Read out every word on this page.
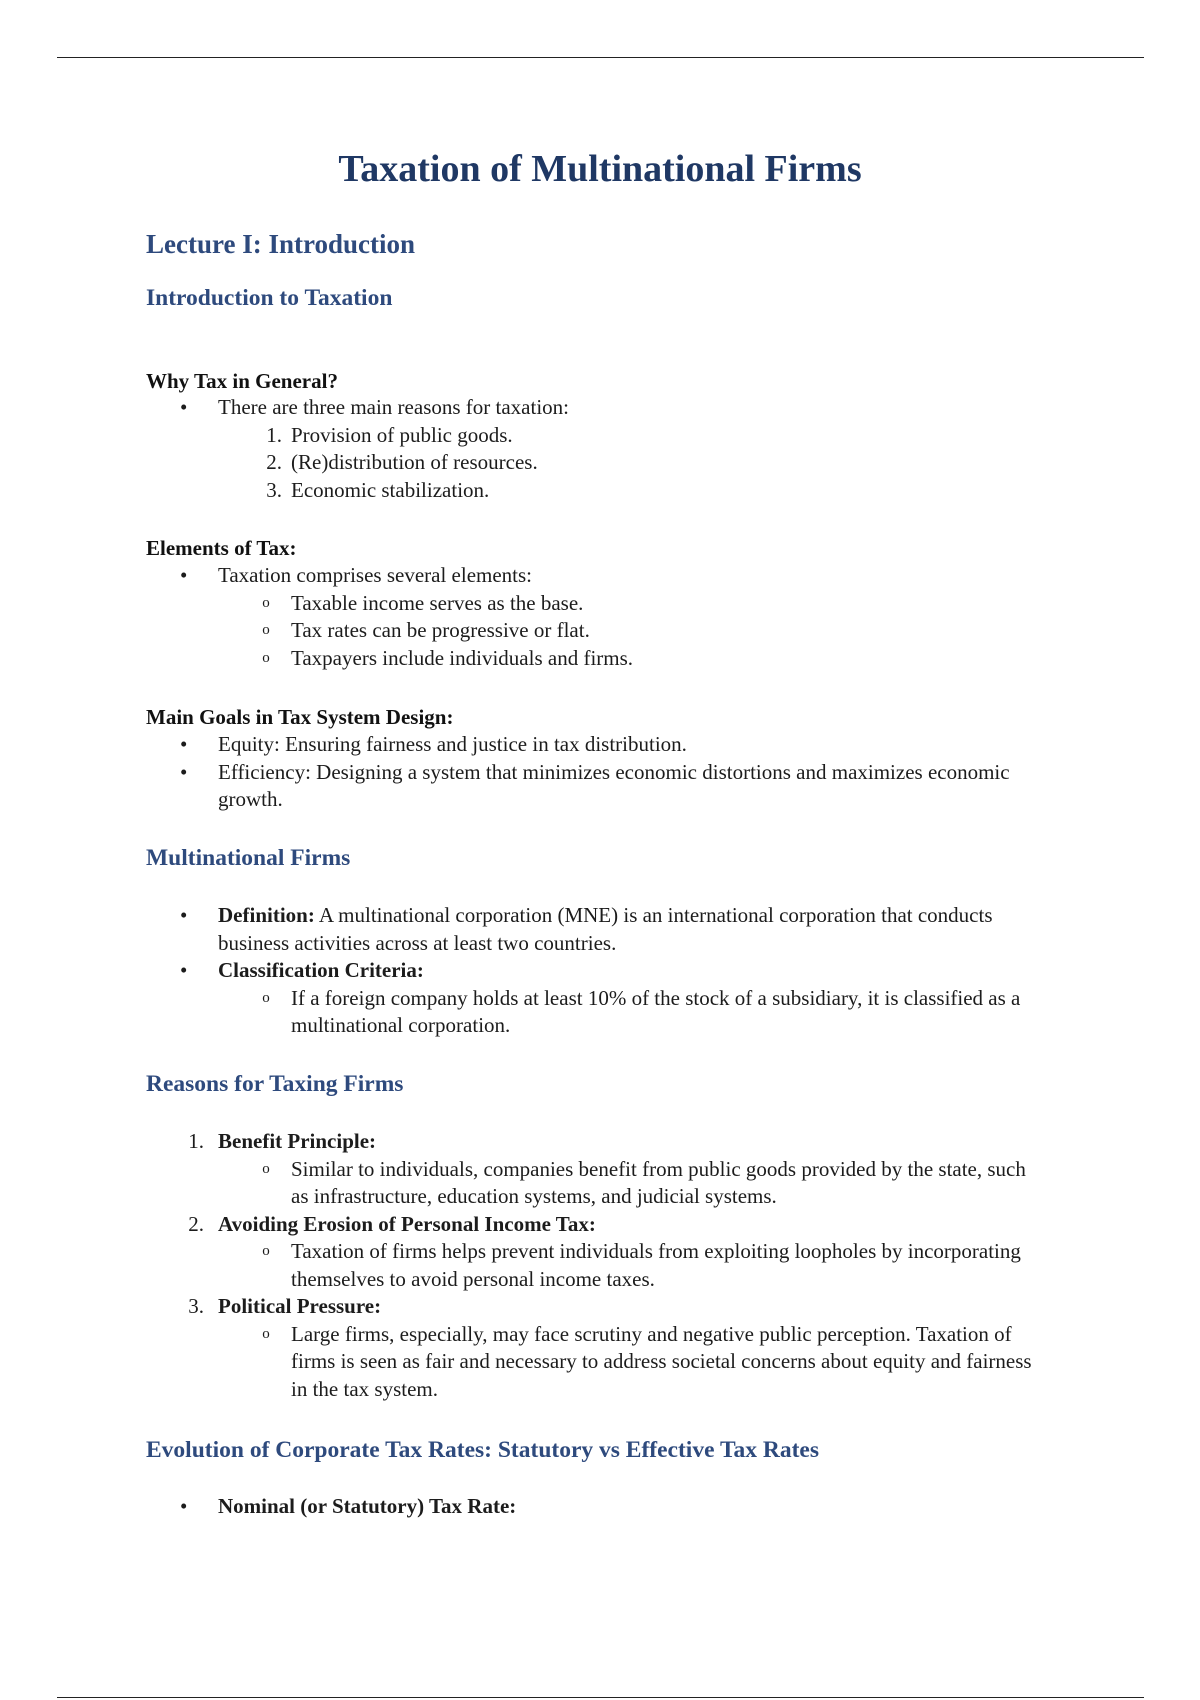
Taxation of Multinational Firms
Lecture I: Introduction
Introduction to Taxation
Why Tax in General?
• There are three main reasons for taxation:
1. Provision of public goods.
2. (Re)distribution of resources.
3. Economic stabilization.
Elements of Tax:
• Taxation comprises several elements:
o Taxable income serves as the base.
o Tax rates can be progressive or flat.
o Taxpayers include individuals and firms.
Main Goals in Tax System Design:
• Equity: Ensuring fairness and justice in tax distribution.
• Efficiency: Designing a system that minimizes economic distortions and maximizes economic growth.
Multinational Firms
• Definition: A multinational corporation (MNE) is an international corporation that conducts business activities across at least two countries.
• Classification Criteria:
o If a foreign company holds at least 10% of the stock of a subsidiary, it is classified as a multinational corporation.
Reasons for Taxing Firms
1. Benefit Principle:
o Similar to individuals, companies benefit from public goods provided by the state, such as infrastructure, education systems, and judicial systems.
2. Avoiding Erosion of Personal Income Tax:
o Taxation of firms helps prevent individuals from exploiting loopholes by incorporating themselves to avoid personal income taxes.
3. Political Pressure:
o Large firms, especially, may face scrutiny and negative public perception. Taxation of firms is seen as fair and necessary to address societal concerns about equity and fairness in the tax system.
Evolution of Corporate Tax Rates: Statutory vs Effective Tax Rates
• Nominal (or Statutory) Tax Rate:
